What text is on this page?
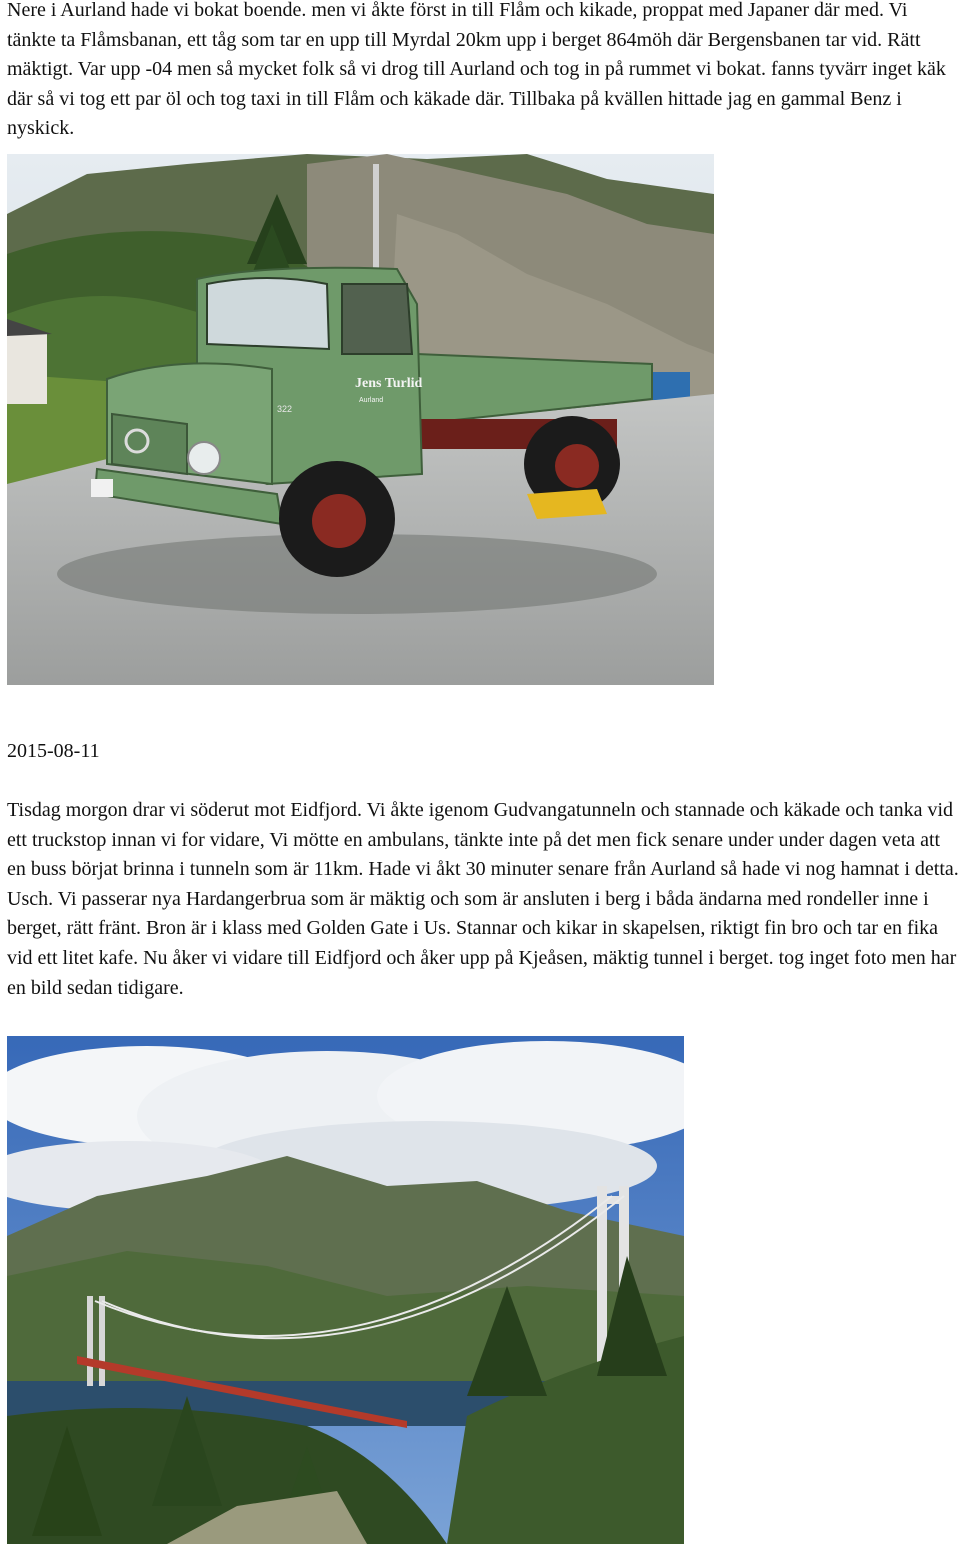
Nere i Aurland hade vi bokat boende. men vi åkte först in till Flåm och kikade, proppat med Japaner där med. Vi tänkte ta Flåmsbanan, ett tåg som tar en upp till Myrdal 20km upp i berget 864möh där Bergensbanen tar vid. Rätt mäktigt. Var upp -04 men så mycket folk så vi drog till Aurland och tog in på rummet vi bokat. fanns tyvärr inget käk där så vi tog ett par öl och tog taxi in till Flåm och käkade där. Tillbaka på kvällen hittade jag en gammal Benz i nyskick.

Jens Turlid
Aurland
322

2015-08-11

Tisdag morgon drar vi söderut mot Eidfjord. Vi åkte igenom Gudvangatunneln och stannade och käkade och tanka vid ett truckstop innan vi for vidare, Vi mötte en ambulans, tänkte inte på det men fick senare under under dagen veta att en buss börjat brinna i tunneln som är 11km. Hade vi åkt 30 minuter senare från Aurland så hade vi nog hamnat i detta. Usch. Vi passerar nya Hardangerbrua som är mäktig och som är ansluten i berg i båda ändarna med rondeller inne i berget, rätt fränt. Bron är i klass med Golden Gate i Us. Stannar och kikar in skapelsen, riktigt fin bro och tar en fika vid ett litet kafe. Nu åker vi vidare till Eidfjord och åker upp på Kjeåsen, mäktig tunnel i berget. tog inget foto men har en bild sedan tidigare.
